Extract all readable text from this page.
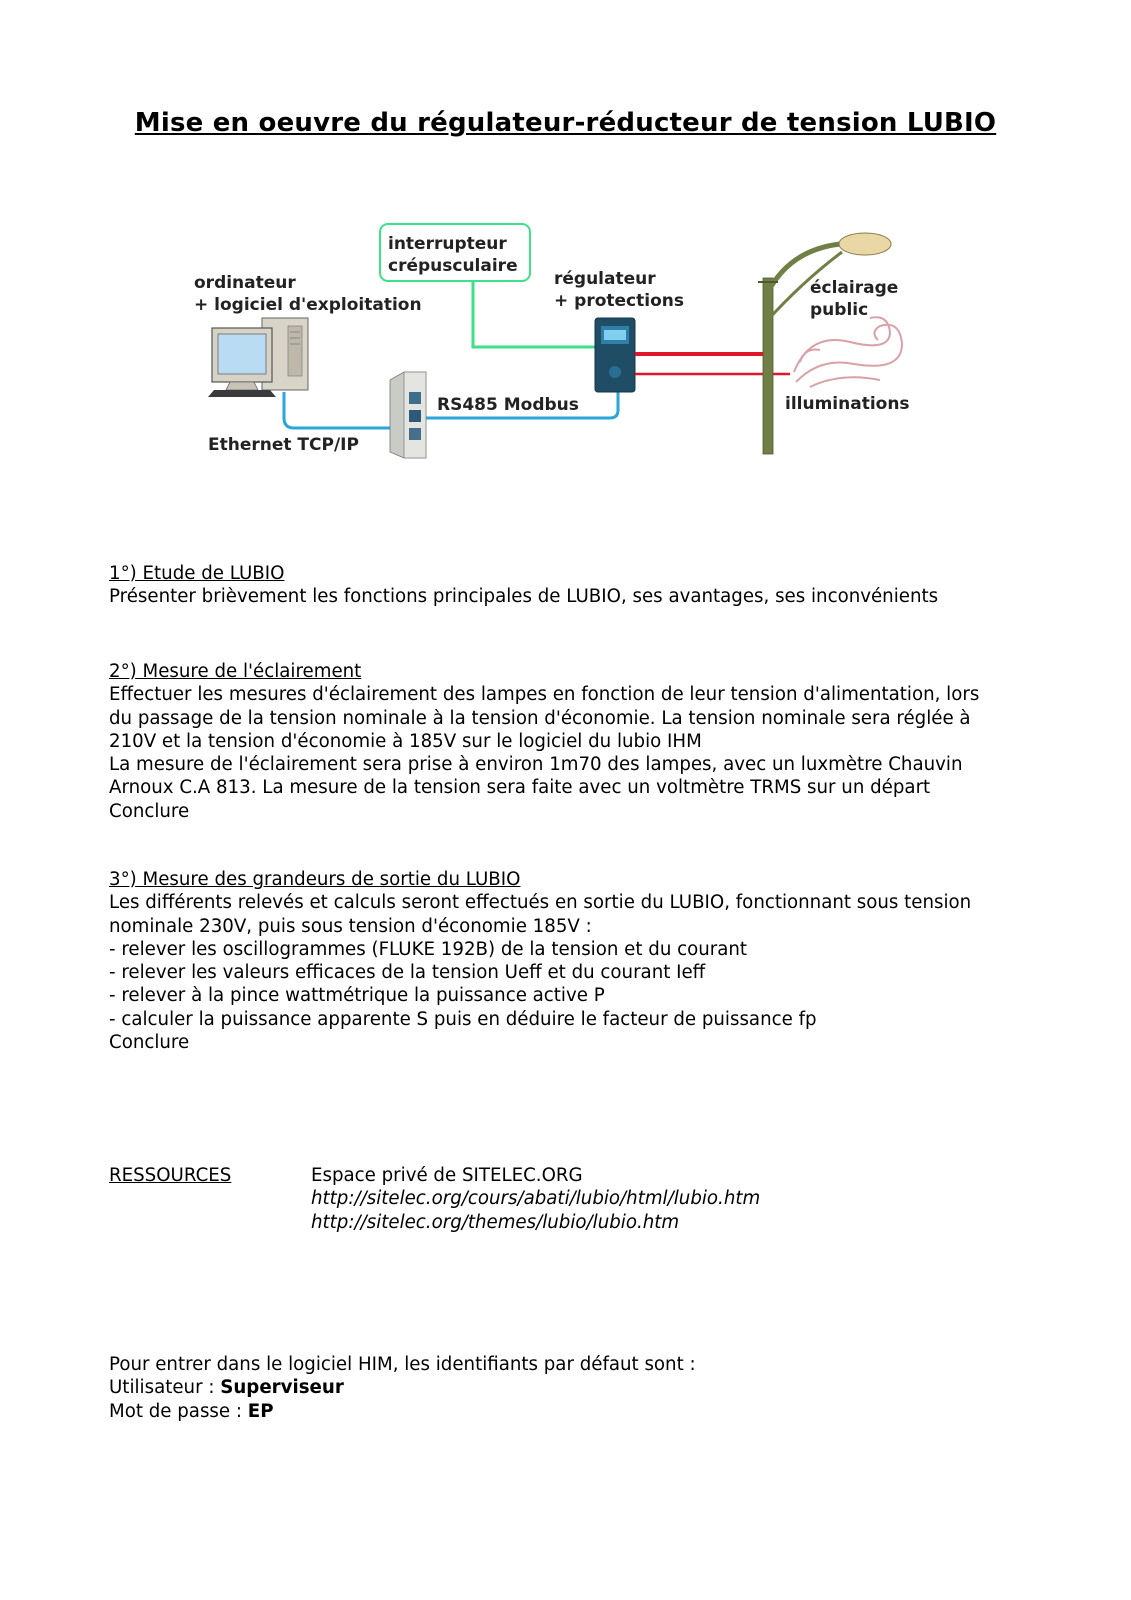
Mise en oeuvre du régulateur-réducteur de tension LUBIO
interrupteur
crépusculaire
ordinateur
+ logiciel d'exploitation
régulateur
+ protections
éclairage
public
RS485 Modbus
Ethernet TCP/IP
illuminations
1°) Etude de LUBIO
Présenter brièvement les fonctions principales de LUBIO, ses avantages, ses inconvénients
2°) Mesure de l'éclairement
Effectuer les mesures d'éclairement des lampes en fonction de leur tension d'alimentation, lors
du passage de la tension nominale à la tension d'économie. La tension nominale sera réglée à
210V et la tension d'économie à 185V sur le logiciel du lubio IHM
La mesure de l'éclairement sera prise à environ 1m70 des lampes, avec un luxmètre Chauvin
Arnoux C.A 813. La mesure de la tension sera faite avec un voltmètre TRMS sur un départ
Conclure
3°) Mesure des grandeurs de sortie du LUBIO
Les différents relevés et calculs seront effectués en sortie du LUBIO, fonctionnant sous tension
nominale 230V, puis sous tension d'économie 185V :
- relever les oscillogrammes (FLUKE 192B) de la tension et du courant
- relever les valeurs efficaces de la tension Ueff et du courant Ieff
- relever à la pince wattmétrique la puissance active P
- calculer la puissance apparente S puis en déduire le facteur de puissance fp
Conclure
RESSOURCES	Espace privé de SITELEC.ORG
http://sitelec.org/cours/abati/lubio/html/lubio.htm
http://sitelec.org/themes/lubio/lubio.htm
Pour entrer dans le logiciel HIM, les identifiants par défaut sont :
Utilisateur : Superviseur
Mot de passe : EP
